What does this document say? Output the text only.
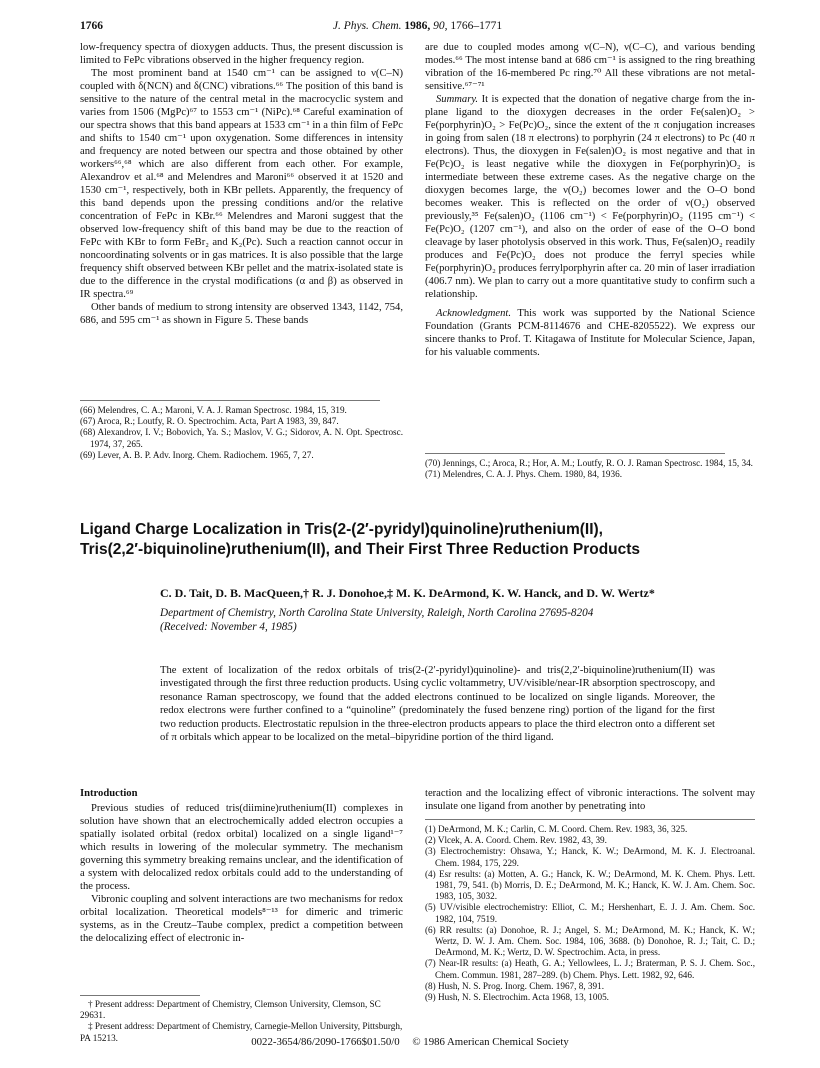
1766	J. Phys. Chem. 1986, 90, 1766–1771

low-frequency spectra of dioxygen adducts. Thus, the present discussion is limited to FePc vibrations observed in the higher frequency region.

The most prominent band at 1540 cm⁻¹ can be assigned to ν(C–N) coupled with δ(NCN) and δ(CNC) vibrations.⁶⁶ The position of this band is sensitive to the nature of the central metal in the macrocyclic system and varies from 1506 (MgPc)⁶⁷ to 1553 cm⁻¹ (NiPc).⁶⁸ Careful examination of our spectra shows that this band appears at 1533 cm⁻¹ in a thin film of FePc and shifts to 1540 cm⁻¹ upon oxygenation. Some differences in intensity and frequency are noted between our spectra and those obtained by other workers⁶⁶,⁶⁸ which are also different from each other. For example, Alexandrov et al.⁶⁸ and Melendres and Maroni⁶⁶ observed it at 1520 and 1530 cm⁻¹, respectively, both in KBr pellets. Apparently, the frequency of this band depends upon the pressing conditions and/or the relative concentration of FePc in KBr.⁶⁶ Melendres and Maroni suggest that the observed low-frequency shift of this band may be due to the reaction of FePc with KBr to form FeBr₂ and K₂(Pc). Such a reaction cannot occur in noncoordinating solvents or in gas matrices. It is also possible that the large frequency shift observed between KBr pellet and the matrix-isolated state is due to the difference in the crystal modifications (α and β) as observed in IR spectra.⁶⁹

Other bands of medium to strong intensity are observed 1343, 1142, 754, 686, and 595 cm⁻¹ as shown in Figure 5. These bands

are due to coupled modes among ν(C–N), ν(C–C), and various bending modes.⁶⁶ The most intense band at 686 cm⁻¹ is assigned to the ring breathing vibration of the 16-membered Pc ring.⁷⁰ All these vibrations are not metal-sensitive.⁶⁷⁻⁷¹

Summary. It is expected that the donation of negative charge from the in-plane ligand to the dioxygen decreases in the order Fe(salen)O₂ > Fe(porphyrin)O₂ > Fe(Pc)O₂, since the extent of the π conjugation increases in going from salen (18 π electrons) to porphyrin (24 π electrons) to Pc (40 π electrons). Thus, the dioxygen in Fe(salen)O₂ is most negative and that in Fe(Pc)O₂ is least negative while the dioxygen in Fe(porphyrin)O₂ is intermediate between these extreme cases. As the negative charge on the dioxygen becomes large, the ν(O₂) becomes lower and the O–O bond becomes weaker. This is reflected on the order of ν(O₂) observed previously,³⁵ Fe(salen)O₂ (1106 cm⁻¹) < Fe(porphyrin)O₂ (1195 cm⁻¹) < Fe(Pc)O₂ (1207 cm⁻¹), and also on the order of ease of the O–O bond cleavage by laser photolysis observed in this work. Thus, Fe(salen)O₂ readily produces and Fe(Pc)O₂ does not produce the ferryl species while Fe(porphyrin)O₂ produces ferrylporphyrin after ca. 20 min of laser irradiation (406.7 nm). We plan to carry out a more quantitative study to confirm such a relationship.

Acknowledgment. This work was supported by the National Science Foundation (Grants PCM-8114676 and CHE-8205522). We express our sincere thanks to Prof. T. Kitagawa of Institute for Molecular Science, Japan, for his valuable comments.

(66) Melendres, C. A.; Maroni, V. A. J. Raman Spectrosc. 1984, 15, 319.

(67) Aroca, R.; Loutfy, R. O. Spectrochim. Acta, Part A 1983, 39, 847.

(68) Alexandrov, I. V.; Bobovich, Ya. S.; Maslov, V. G.; Sidorov, A. N. Opt. Spectrosc. 1974, 37, 265.

(69) Lever, A. B. P. Adv. Inorg. Chem. Radiochem. 1965, 7, 27.

(70) Jennings, C.; Aroca, R.; Hor, A. M.; Loutfy, R. O. J. Raman Spectrosc. 1984, 15, 34.

(71) Melendres, C. A. J. Phys. Chem. 1980, 84, 1936.

Ligand Charge Localization in Tris(2-(2′-pyridyl)quinoline)ruthenium(II),
Tris(2,2′-biquinoline)ruthenium(II), and Their First Three Reduction Products
C. D. Tait, D. B. MacQueen,† R. J. Donohoe,‡ M. K. DeArmond, K. W. Hanck, and D. W. Wertz*
Department of Chemistry, North Carolina State University, Raleigh, North Carolina 27695-8204
(Received: November 4, 1985)
The extent of localization of the redox orbitals of tris(2-(2′-pyridyl)quinoline)- and tris(2,2′-biquinoline)ruthenium(II) was investigated through the first three reduction products. Using cyclic voltammetry, UV/visible/near-IR absorption spectroscopy, and resonance Raman spectroscopy, we found that the added electrons continued to be localized on single ligands. Moreover, the redox electrons were further confined to a “quinoline” (predominately the fused benzene ring) portion of the ligand for the first two reduction products. Electrostatic repulsion in the three-electron products appears to place the third electron onto a different set of π orbitals which appear to be localized on the metal–bipyridine portion of the third ligand.

Introduction

Previous studies of reduced tris(diimine)ruthenium(II) complexes in solution have shown that an electrochemically added electron occupies a spatially isolated orbital (redox orbital) localized on a single ligand¹⁻⁷ which results in lowering of the molecular symmetry. The mechanism governing this symmetry breaking remains unclear, and the identification of a system with delocalized redox orbitals could add to the understanding of the process.

Vibronic coupling and solvent interactions are two mechanisms for redox orbital localization. Theoretical models⁸⁻¹³ for dimeric and trimeric systems, as in the Creutz–Taube complex, predict a competition between the delocalizing effect of electronic in-

† Present address: Department of Chemistry, Clemson University, Clemson, SC 29631.

‡ Present address: Department of Chemistry, Carnegie-Mellon University, Pittsburgh, PA 15213.

teraction and the localizing effect of vibronic interactions. The solvent may insulate one ligand from another by penetrating into

(1) DeArmond, M. K.; Carlin, C. M. Coord. Chem. Rev. 1983, 36, 325.

(2) Vlcek, A. A. Coord. Chem. Rev. 1982, 43, 39.

(3) Electrochemistry: Ohsawa, Y.; Hanck, K. W.; DeArmond, M. K. J. Electroanal. Chem. 1984, 175, 229.

(4) Esr results: (a) Motten, A. G.; Hanck, K. W.; DeArmond, M. K. Chem. Phys. Lett. 1981, 79, 541. (b) Morris, D. E.; DeArmond, M. K.; Hanck, K. W. J. Am. Chem. Soc. 1983, 105, 3032.

(5) UV/visible electrochemistry: Elliot, C. M.; Hershenhart, E. J. J. Am. Chem. Soc. 1982, 104, 7519.

(6) RR results: (a) Donohoe, R. J.; Angel, S. M.; DeArmond, M. K.; Hanck, K. W.; Wertz, D. W. J. Am. Chem. Soc. 1984, 106, 3688. (b) Donohoe, R. J.; Tait, C. D.; DeArmond, M. K.; Wertz, D. W. Spectrochim. Acta, in press.

(7) Near-IR results: (a) Heath, G. A.; Yellowlees, L. J.; Braterman, P. S. J. Chem. Soc., Chem. Commun. 1981, 287–289. (b) Chem. Phys. Lett. 1982, 92, 646.

(8) Hush, N. S. Prog. Inorg. Chem. 1967, 8, 391.

(9) Hush, N. S. Electrochim. Acta 1968, 13, 1005.

0022-3654/86/2090-1766$01.50/0 © 1986 American Chemical Society
